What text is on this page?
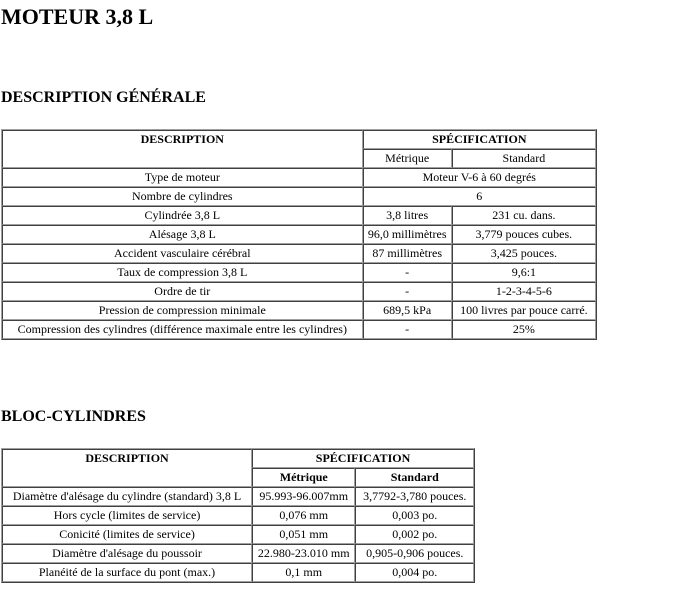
MOTEUR 3,8 L
DESCRIPTION GÉNÉRALE
DESCRIPTION	SPÉCIFICATION	
	Métrique	Standard
Type de moteur	Moteur V-6 à 60 degrés	
Nombre de cylindres	6	
Cylindrée 3,8 L	3,8 litres	231 cu. dans.
Alésage 3,8 L	96,0 millimètres	3,779 pouces cubes.
Accident vasculaire cérébral	87 millimètres	3,425 pouces.
Taux de compression 3,8 L	-	9,6:1
Ordre de tir	-	1-2-3-4-5-6
Pression de compression minimale	689,5 kPa	100 livres par pouce carré.
Compression des cylindres (différence maximale entre les cylindres)	-	25%
BLOC-CYLINDRES
DESCRIPTION	SPÉCIFICATION	
	Métrique	Standard
Diamètre d'alésage du cylindre (standard) 3,8 L	95.993-96.007mm	3,7792-3,780 pouces.
Hors cycle (limites de service)	0,076 mm	0,003 po.
Conicité (limites de service)	0,051 mm	0,002 po.
Diamètre d'alésage du poussoir	22.980-23.010 mm	0,905-0,906 pouces.
Planéité de la surface du pont (max.)	0,1 mm	0,004 po.
